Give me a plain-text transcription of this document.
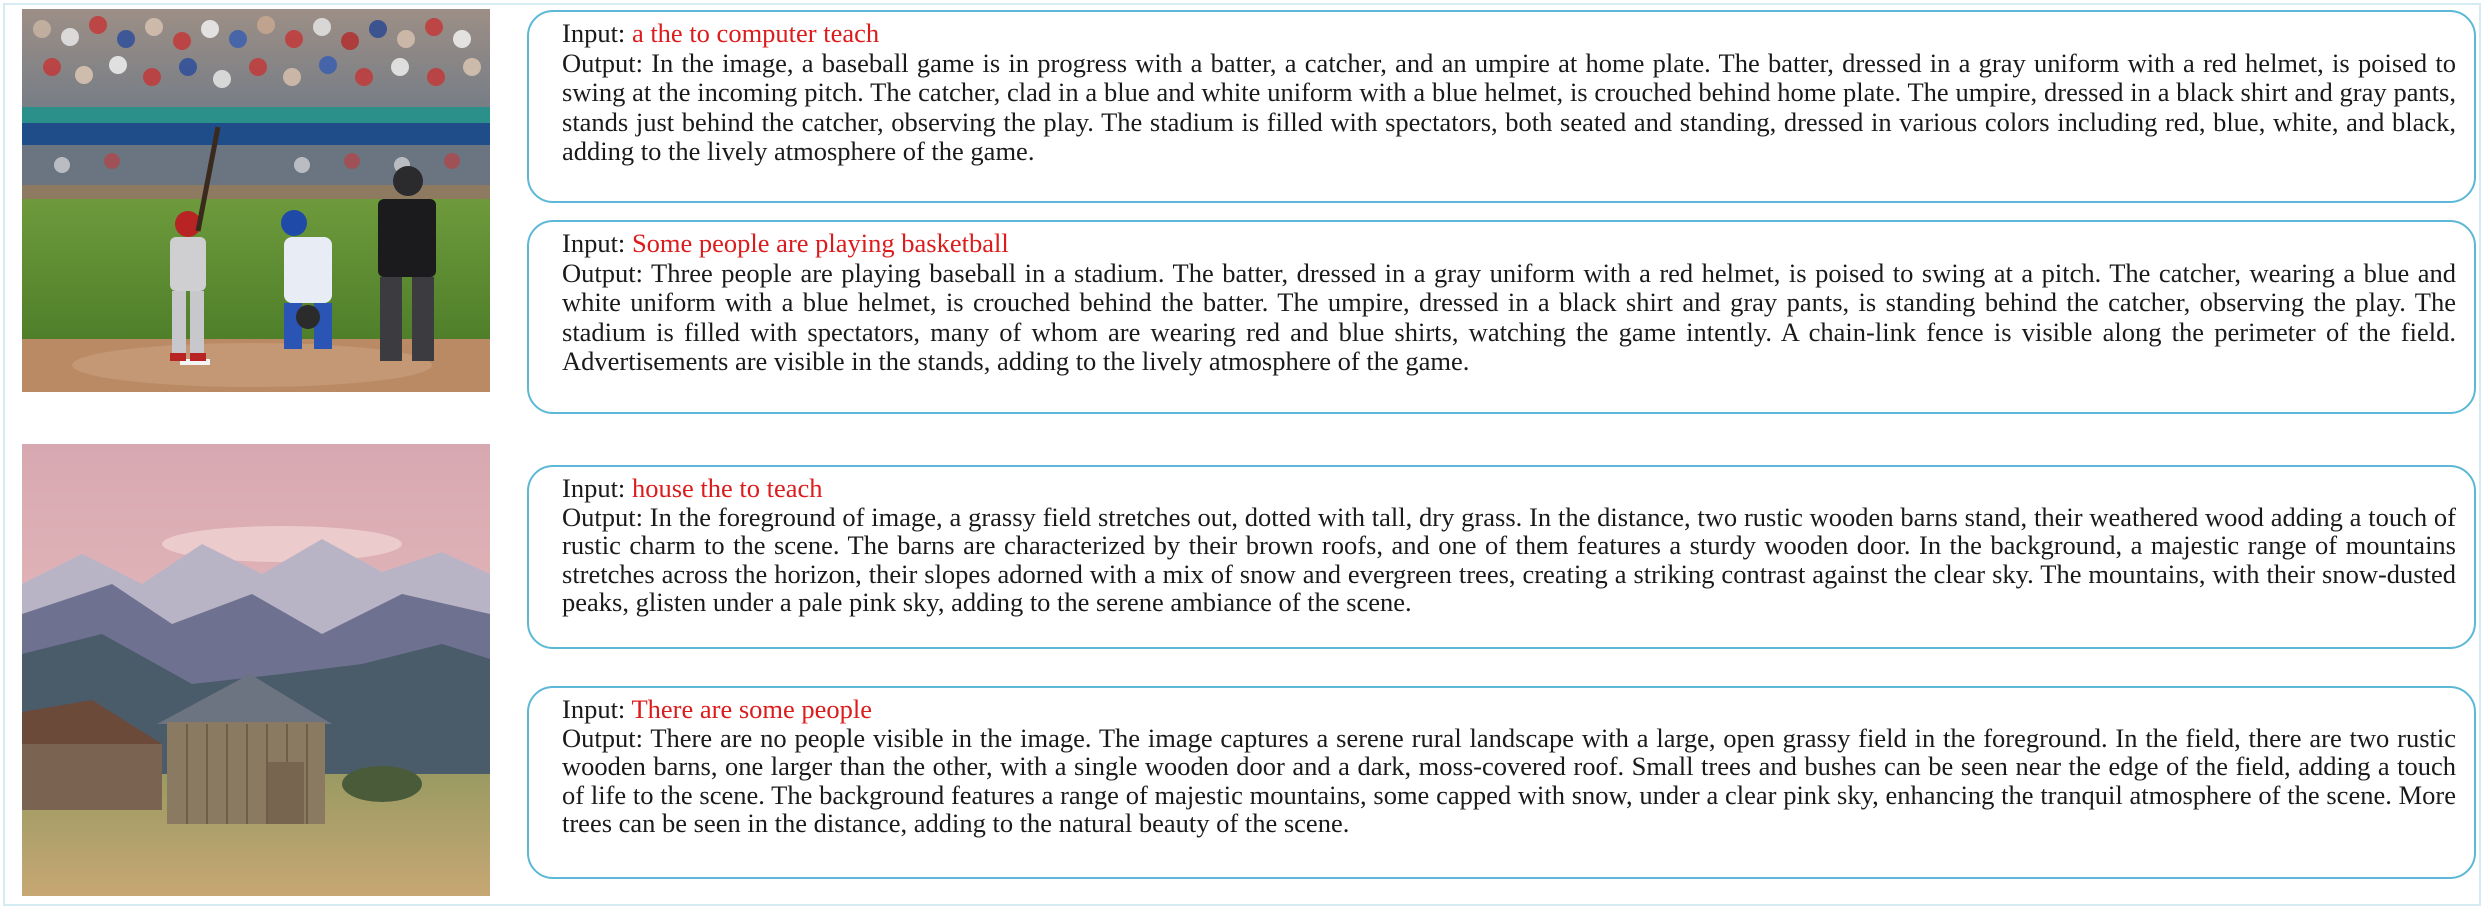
Input: a the to computer teach
Output: In the image, a baseball game is in progress with a batter, a catcher, and an umpire at home plate. The batter, dressed in a gray uniform with a red helmet, is poised to swing at the incoming pitch. The catcher, clad in a blue and white uniform with a blue helmet, is crouched behind home plate. The umpire, dressed in a black shirt and gray pants, stands just behind the catcher, observing the play. The stadium is filled with spectators, both seated and standing, dressed in various colors including red, blue, white, and black, adding to the lively atmosphere of the game.

Input: Some people are playing basketball
Output: Three people are playing baseball in a stadium. The batter, dressed in a gray uniform with a red helmet, is poised to swing at a pitch. The catcher, wearing a blue and white uniform with a blue helmet, is crouched behind the batter. The umpire, dressed in a black shirt and gray pants, is standing behind the catcher, observing the play. The stadium is filled with spectators, many of whom are wearing red and blue shirts, watching the game intently. A chain-link fence is visible along the perimeter of the field. Advertisements are visible in the stands, adding to the lively atmosphere of the game.

Input: house the to teach
Output: In the foreground of image, a grassy field stretches out, dotted with tall, dry grass. In the distance, two rustic wooden barns stand, their weathered wood adding a touch of rustic charm to the scene. The barns are characterized by their brown roofs, and one of them features a sturdy wooden door. In the background, a majestic range of mountains stretches across the horizon, their slopes adorned with a mix of snow and evergreen trees, creating a striking contrast against the clear sky. The mountains, with their snow-dusted peaks, glisten under a pale pink sky, adding to the serene ambiance of the scene.

Input: There are some people
Output: There are no people visible in the image. The image captures a serene rural landscape with a large, open grassy field in the foreground. In the field, there are two rustic wooden barns, one larger than the other, with a single wooden door and a dark, moss-covered roof. Small trees and bushes can be seen near the edge of the field, adding a touch of life to the scene. The background features a range of majestic mountains, some capped with snow, under a clear pink sky, enhancing the tranquil atmosphere of the scene. More trees can be seen in the distance, adding to the natural beauty of the scene.
